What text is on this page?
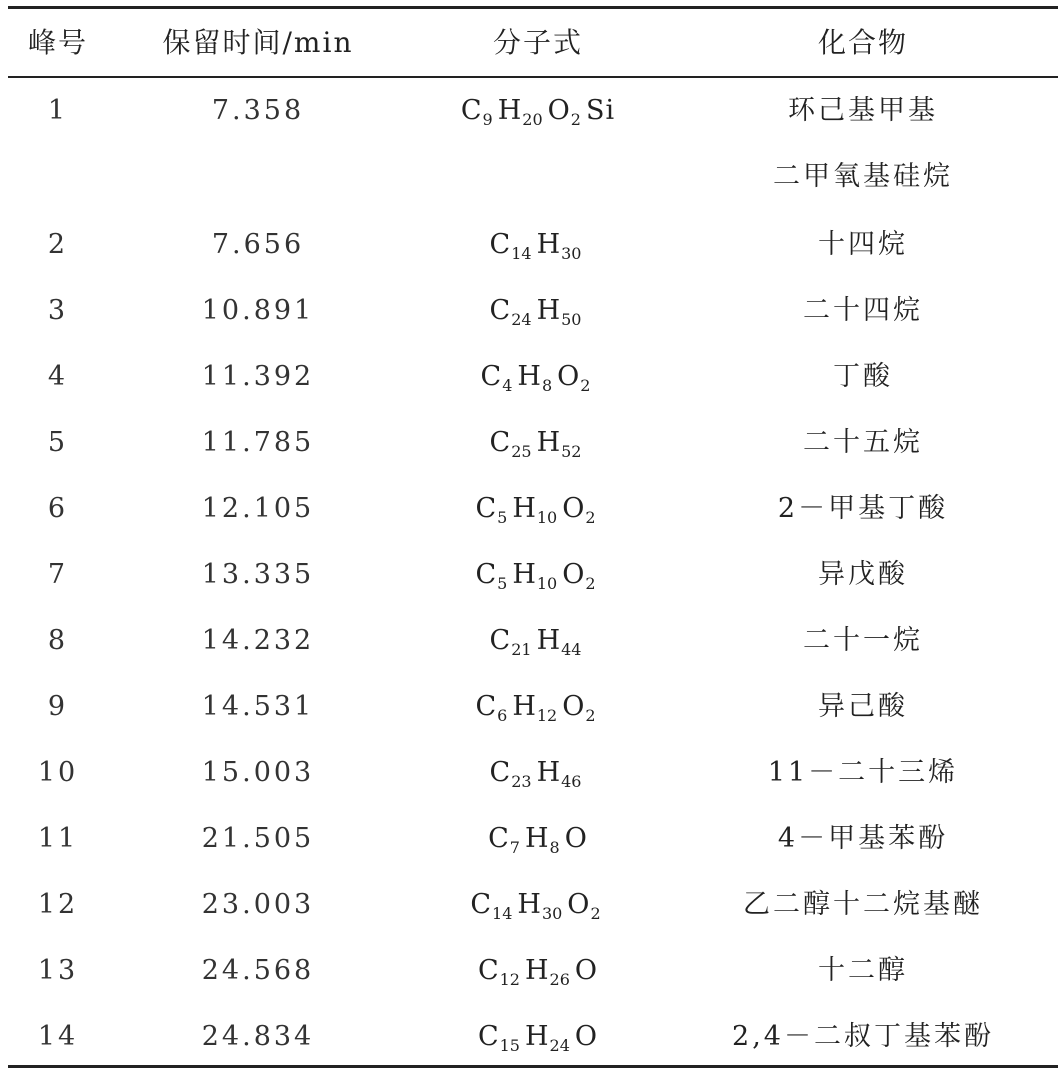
峰号	保留时间/min	分子式	化合物
1	7.358	$C_9$ $H_{20}$ $O_2$ Si	环己基甲基
二甲氧基硅烷
2	7.656	$C_{14}$ $H_{30}$	十四烷
3	10.891	$C_{24}$ $H_{50}$	二十四烷
4	11.392	$C_4$ $H_8$ $O_2$	丁酸
5	11.785	$C_{25}$ $H_{52}$	二十五烷
6	12.105	$C_5$ $H_{10}$ $O_2$	2－甲基丁酸
7	13.335	$C_5$ $H_{10}$ $O_2$	异戊酸
8	14.232	$C_{21}$ $H_{44}$	二十一烷
9	14.531	$C_6$ $H_{12}$ $O_2$	异己酸
10	15.003	$C_{23}$ $H_{46}$	11－二十三烯
11	21.505	$C_7$ $H_8$ O	4－甲基苯酚
12	23.003	$C_{14}$ $H_{30}$ $O_2$	乙二醇十二烷基醚
13	24.568	$C_{12}$ $H_{26}$ O	十二醇
14	24.834	$C_{15}$ $H_{24}$ O	2,4－二叔丁基苯酚
